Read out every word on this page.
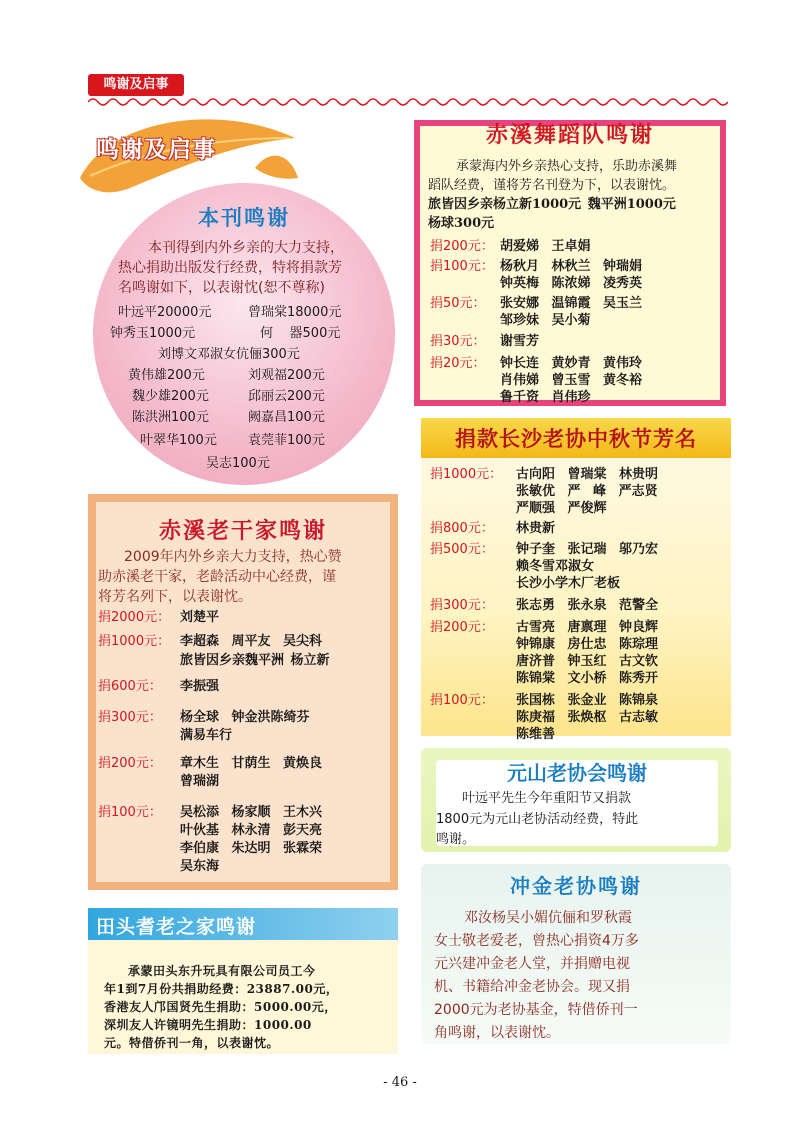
鸣谢及启事
鸣谢及启事
本刊鸣谢
本刊得到内外乡亲的大力支持，
热心捐助出版发行经费，特将捐款芳
名鸣谢如下，以表谢忱(恕不尊称)
叶远平20000元	曾瑞棠18000元
钟秀玉1000元	何    器500元
刘博文邓淑女伉俪300元
黄伟雄200元	刘观福200元
魏少雄200元	邱丽云200元
陈洪洲100元	阙嘉昌100元
叶翠华100元 袁莞菲100元
吴志100元
赤溪舞蹈队鸣谢
承蒙海内外乡亲热心支持，乐助赤溪舞
蹈队经费，谨将芳名刊登为下，以表谢忱。
旅皆因乡亲杨立新1000元 魏平洲1000元
杨球300元
捐200元： 胡爱娣 王卓娟
捐100元： 杨秋月 林秋兰 钟瑞娟
钟英梅 陈浓娣 凌秀英
捐50元： 张安娜 温锦霞 吴玉兰
邹珍妹 吴小菊
捐30元： 谢雪芳
捐20元： 钟长连 黄妙青 黄伟玲
肖伟娣 曾玉雪 黄冬裕
鲁千资 肖伟珍
捐款长沙老协中秋节芳名
捐1000元： 古向阳 曾瑞棠 林贵明
张敏优 严 峰 严志贤
严顺强 严俊辉
捐800元： 林贵新
捐500元： 钟子奎 张记瑞 邬乃宏
赖冬雪邓淑女
长沙小学木厂老板
捐300元： 张志勇 张永泉 范警全
捐200元： 古雪亮 唐禀理 钟良辉
钟锦康 房仕忠 陈琮理
唐济普 钟玉红 古文钦
陈锦棠 文小桥 陈秀开
捐100元： 张国栋 张金业 陈锦泉
陈庚福 张焕枢 古志敏
陈维善
元山老协会鸣谢
叶远平先生今年重阳节又捐款
1800元为元山老协活动经费，特此
鸣谢。
冲金老协鸣谢
邓汝杨吴小媚伉俪和罗秋霞
女士敬老爱老，曾热心捐资4万多
元兴建冲金老人堂，并捐赠电视
机、书籍给冲金老协会。现又捐
2000元为老协基金，特借侨刊一
角鸣谢，以表谢忱。
赤溪老干家鸣谢
2009年内外乡亲大力支持，热心赞
助赤溪老干家，老龄活动中心经费，谨
将芳名列下，以表谢忱。
捐2000元： 刘楚平
捐1000元： 李超森 周平友 吴尖科
旅皆因乡亲魏平洲 杨立新
捐600元： 李振强
捐300元： 杨全球 钟金洪陈绮芬
满易车行
捐200元： 章木生 甘荫生 黄焕良
曾瑞湖
捐100元： 吴松添 杨家顺 王木兴
叶伙基 林永清 彭天亮
李伯康 朱达明 张霖荣
吴东海
田头耆老之家鸣谢
承蒙田头东升玩具有限公司员工今
年1到7月份共捐助经费：23887.00元，
香港友人邝国贤先生捐助：5000.00元，
深圳友人许镜明先生捐助：1000.00
元。特借侨刊一角，以表谢忱。
- 46 -
